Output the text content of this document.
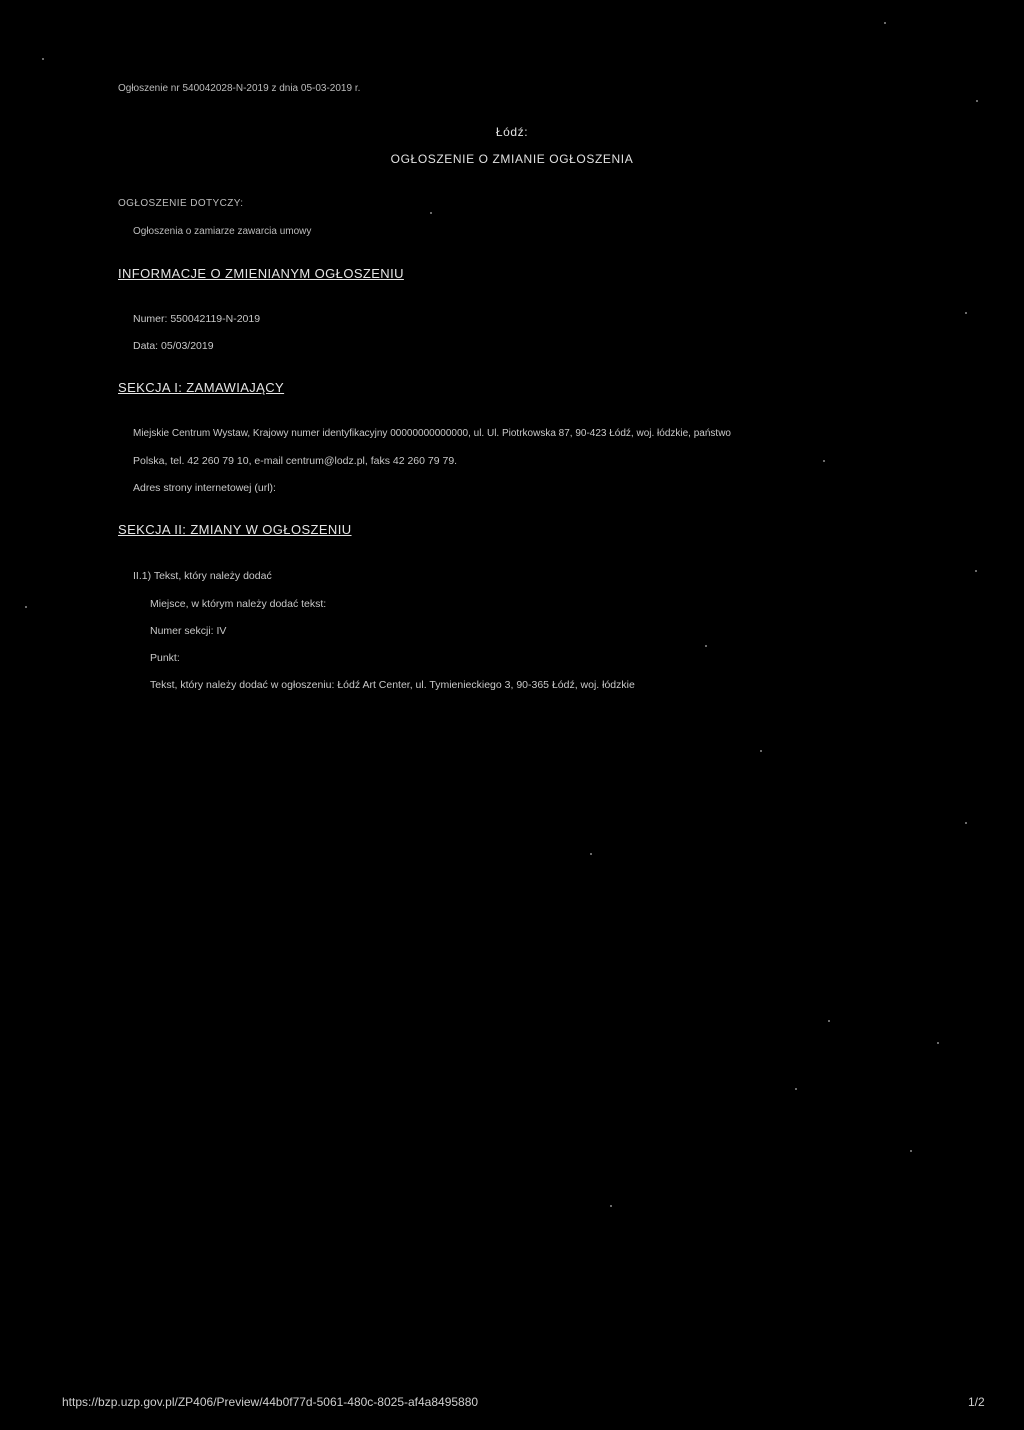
Ogłoszenie nr 540042028-N-2019 z dnia 05-03-2019 r.
Łódź:
OGŁOSZENIE O ZMIANIE OGŁOSZENIA
OGŁOSZENIE DOTYCZY:
Ogłoszenia o zamiarze zawarcia umowy
INFORMACJE O ZMIENIANYM OGŁOSZENIU
Numer: 550042119-N-2019
Data: 05/03/2019
SEKCJA I: ZAMAWIAJĄCY
Miejskie Centrum Wystaw, Krajowy numer identyfikacyjny 00000000000000, ul. Ul. Piotrkowska 87, 90-423 Łódź, woj. łódzkie, państwo
Polska, tel. 42 260 79 10, e-mail centrum@lodz.pl, faks 42 260 79 79.
Adres strony internetowej (url):
SEKCJA II: ZMIANY W OGŁOSZENIU
II.1) Tekst, który należy dodać
Miejsce, w którym należy dodać tekst:
Numer sekcji: IV
Punkt:
Tekst, który należy dodać w ogłoszeniu: Łódź Art Center, ul. Tymienieckiego 3, 90-365 Łódź, woj. łódzkie
https://bzp.uzp.gov.pl/ZP406/Preview/44b0f77d-5061-480c-8025-af4a8495880	1/2
